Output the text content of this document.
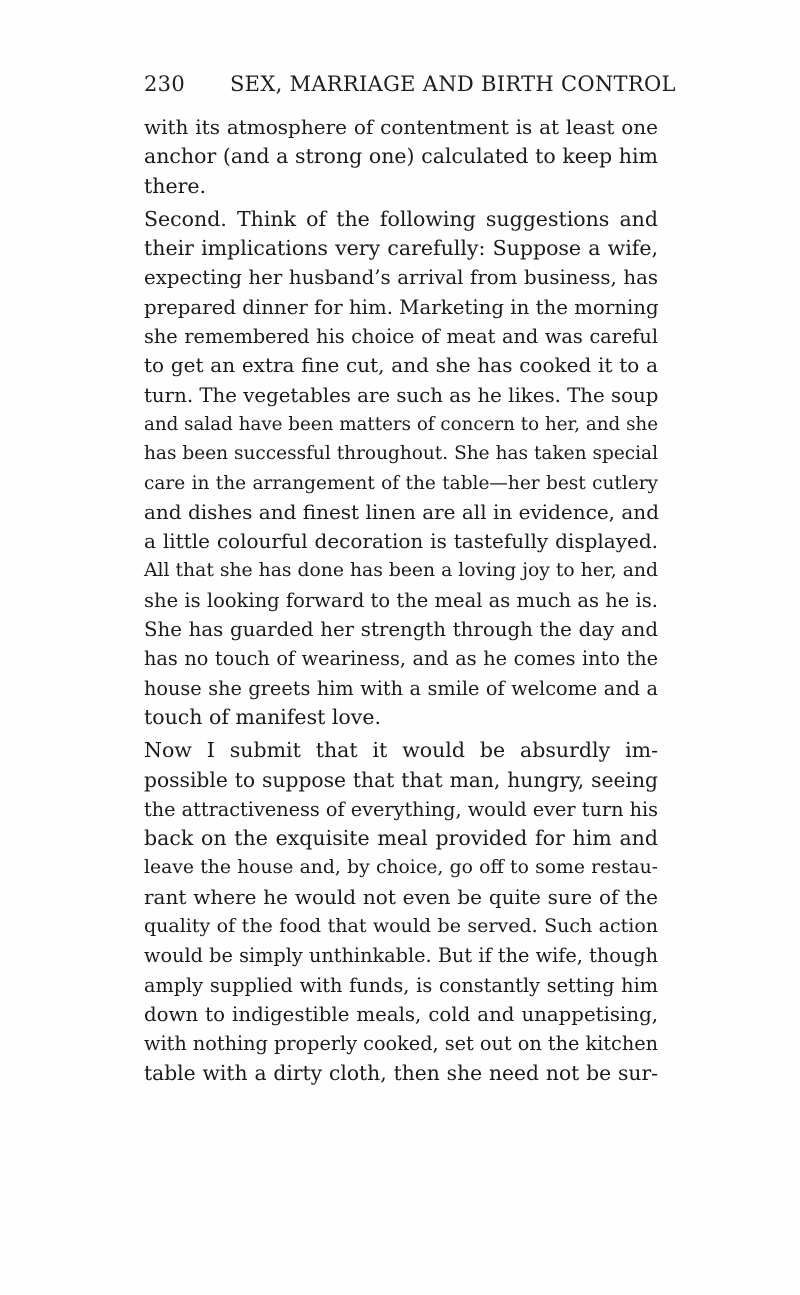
230 SEX, MARRIAGE AND BIRTH CONTROL
with its atmosphere of contentment is at least one
anchor (and a strong one) calculated to keep him
there.
Second. Think of the following suggestions and
their implications very carefully: Suppose a wife,
expecting her husband’s arrival from business, has
prepared dinner for him. Marketing in the morning
she remembered his choice of meat and was careful
to get an extra fine cut, and she has cooked it to a
turn. The vegetables are such as he likes. The soup
and salad have been matters of concern to her, and she
has been successful throughout. She has taken special
care in the arrangement of the table—her best cutlery
and dishes and finest linen are all in evidence, and
a little colourful decoration is tastefully displayed.
All that she has done has been a loving joy to her, and
she is looking forward to the meal as much as he is.
She has guarded her strength through the day and
has no touch of weariness, and as he comes into the
house she greets him with a smile of welcome and a
touch of manifest love.
Now I submit that it would be absurdly im-
possible to suppose that that man, hungry, seeing
the attractiveness of everything, would ever turn his
back on the exquisite meal provided for him and
leave the house and, by choice, go off to some restau-
rant where he would not even be quite sure of the
quality of the food that would be served. Such action
would be simply unthinkable. But if the wife, though
amply supplied with funds, is constantly setting him
down to indigestible meals, cold and unappetising,
with nothing properly cooked, set out on the kitchen
table with a dirty cloth, then she need not be sur-
